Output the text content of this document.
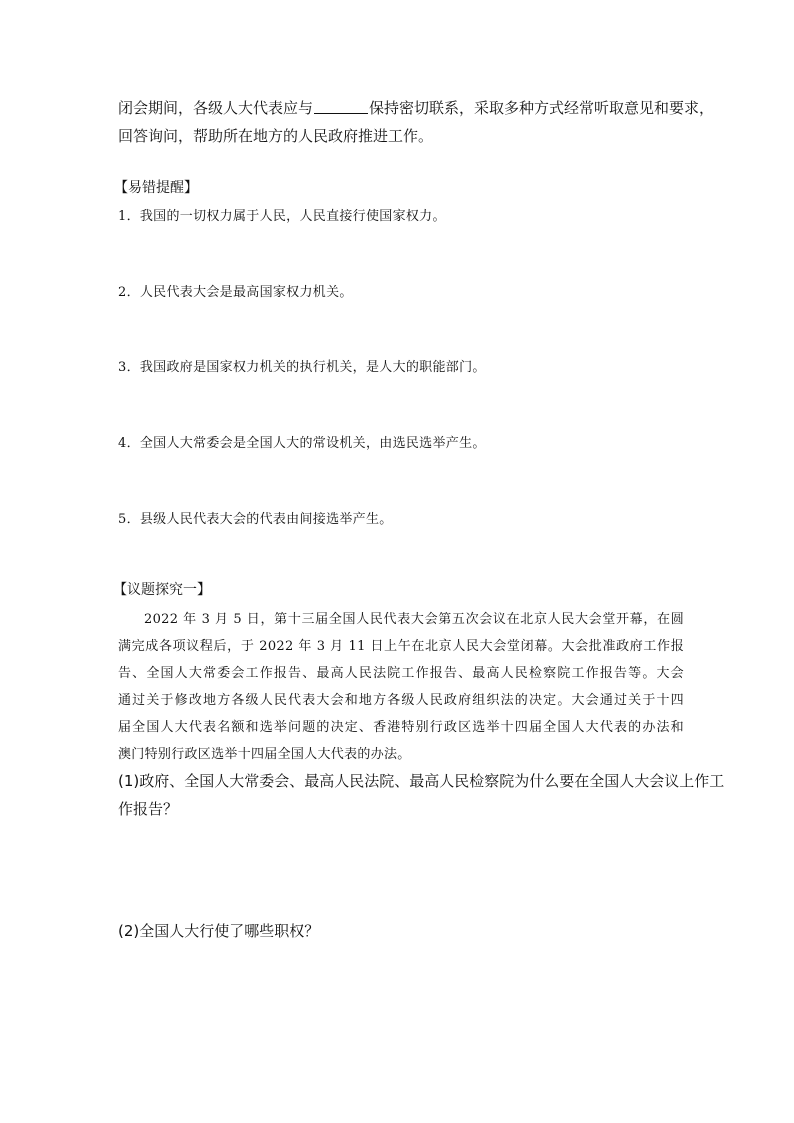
闭会期间，各级人大代表应与	保持密切联系，采取多种方式经常听取意见和要求，
回答询问，帮助所在地方的人民政府推进工作。
【易错提醒】
1．我国的一切权力属于人民，人民直接行使国家权力。
2．人民代表大会是最高国家权力机关。
3．我国政府是国家权力机关的执行机关，是人大的职能部门。
4．全国人大常委会是全国人大的常设机关，由选民选举产生。
5．县级人民代表大会的代表由间接选举产生。
【议题探究一】
2022 年 3 月 5 日，第十三届全国人民代表大会第五次会议在北京人民大会堂开幕，在圆
满完成各项议程后，于 2022 年 3 月 11 日上午在北京人民大会堂闭幕。大会批准政府工作报
告、全国人大常委会工作报告、最高人民法院工作报告、最高人民检察院工作报告等。大会
通过关于修改地方各级人民代表大会和地方各级人民政府组织法的决定。大会通过关于十四
届全国人大代表名额和选举问题的决定、香港特别行政区选举十四届全国人大代表的办法和
澳门特别行政区选举十四届全国人大代表的办法。
(1)政府、全国人大常委会、最高人民法院、最高人民检察院为什么要在全国人大会议上作工
作报告？
(2)全国人大行使了哪些职权？
